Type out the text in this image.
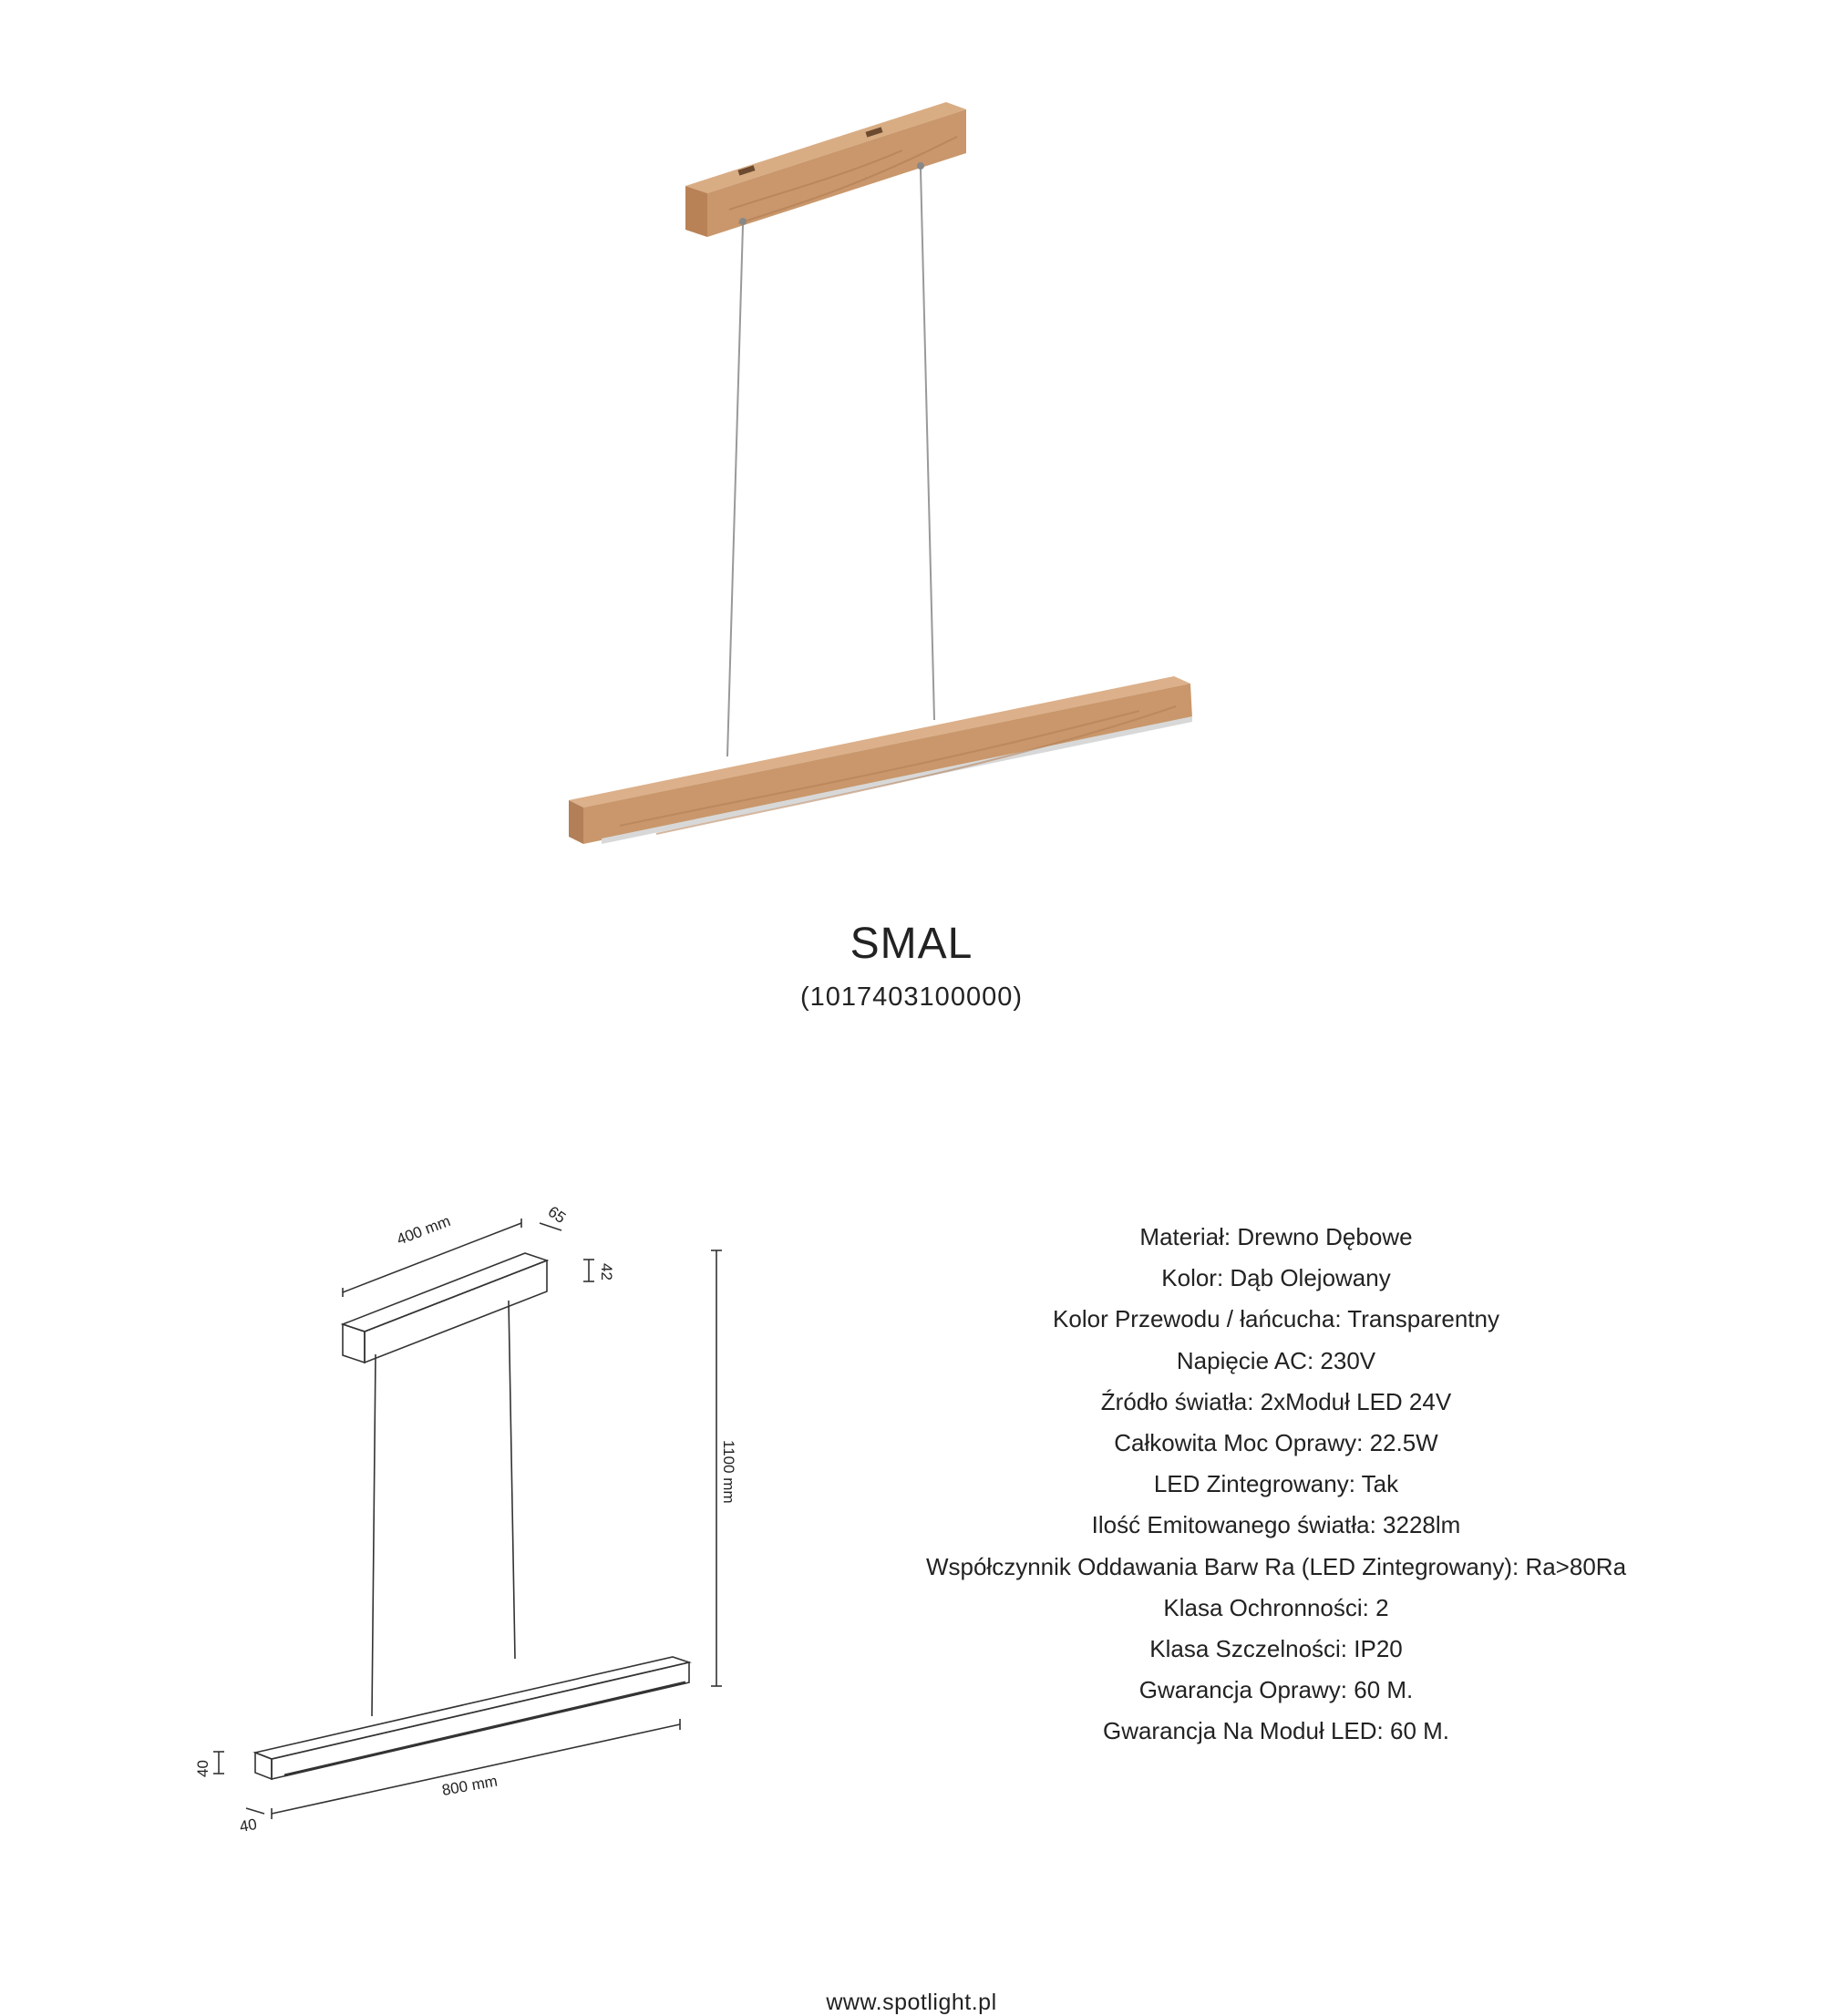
SMAL
(1017403100000)
400 mm	65
42
1100 mm
800 mm
40
40
Materiał: Drewno Dębowe
Kolor: Dąb Olejowany
Kolor Przewodu / łańcucha: Transparentny
Napięcie AC: 230V
Źródło światła: 2xModuł LED 24V
Całkowita Moc Oprawy: 22.5W
LED Zintegrowany: Tak
Ilość Emitowanego światła: 3228lm
Współczynnik Oddawania Barw Ra (LED Zintegrowany): Ra>80Ra
Klasa Ochronności: 2
Klasa Szczelności: IP20
Gwarancja Oprawy: 60 M.
Gwarancja Na Moduł LED: 60 M.
www.spotlight.pl
